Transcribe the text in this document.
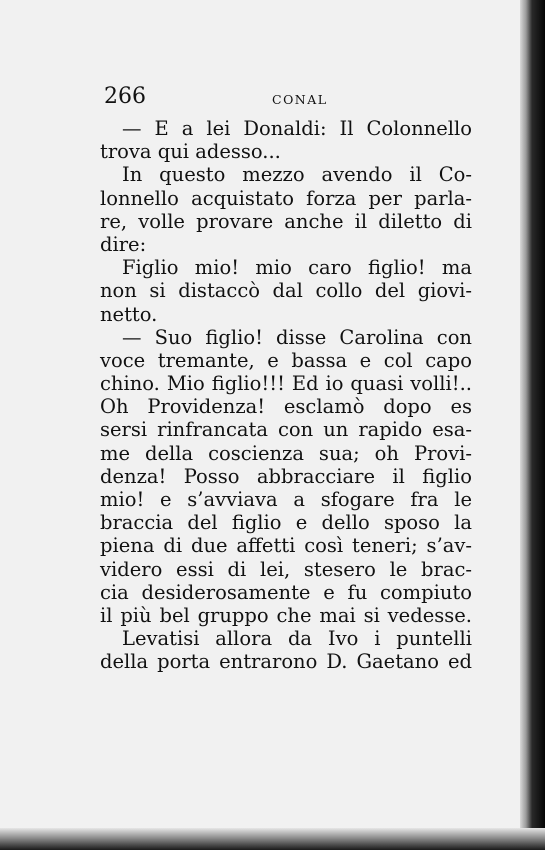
266	CONAL
— E a lei Donaldi: Il Colonnello
trova qui adesso...
In questo mezzo avendo il Co-
lonnello acquistato forza per parla-
re, volle provare anche il diletto di
dire:
Figlio mio! mio caro figlio! ma
non si distaccò dal collo del giovi-
netto.
— Suo figlio! disse Carolina con
voce tremante, e bassa e col capo
chino. Mio figlio!!! Ed io quasi volli!..
Oh Providenza! esclamò dopo es
sersi rinfrancata con un rapido esa-
me della coscienza sua; oh Provi-
denza! Posso abbracciare il figlio
mio! e s’avviava a sfogare fra le
braccia del figlio e dello sposo la
piena di due affetti così teneri; s’av-
videro essi di lei, stesero le brac-
cia desiderosamente e fu compiuto
il più bel gruppo che mai si vedesse.
Levatisi allora da Ivo i puntelli
della porta entrarono D. Gaetano ed
